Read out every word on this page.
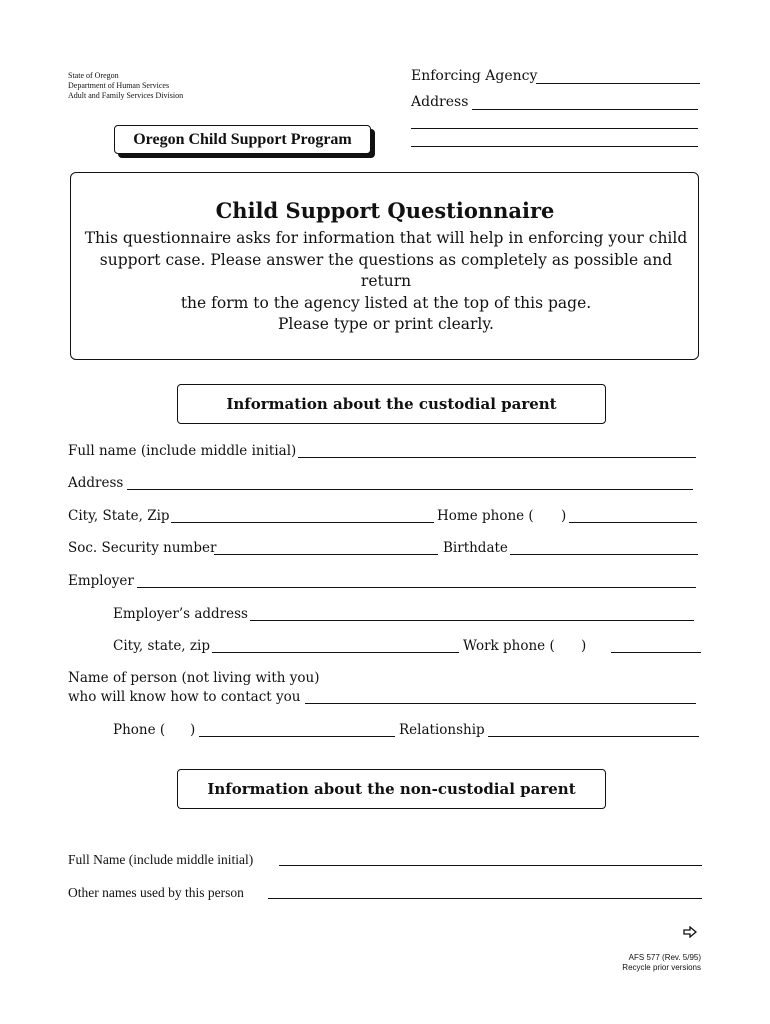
State of Oregon
Department of Human Services
Adult and Family Services Division
Enforcing Agency
Address
Oregon Child Support Program
Child Support Questionnaire
This questionnaire asks for information that will help in enforcing your child
support case. Please answer the questions as completely as possible and return
the form to the agency listed at the top of this page.
Please type or print clearly.
Information about the custodial parent
Full name (include middle initial)
Address
City, State, Zip	Home phone ( )
Soc. Security number	Birthdate
Employer
Employer’s address
City, state, zip	Work phone ( )
Name of person (not living with you)
who will know how to contact you
Phone ( )	Relationship
Information about the non-custodial parent
Full Name (include middle initial)
Other names used by this person
AFS 577 (Rev. 5/95)
Recycle prior versions
